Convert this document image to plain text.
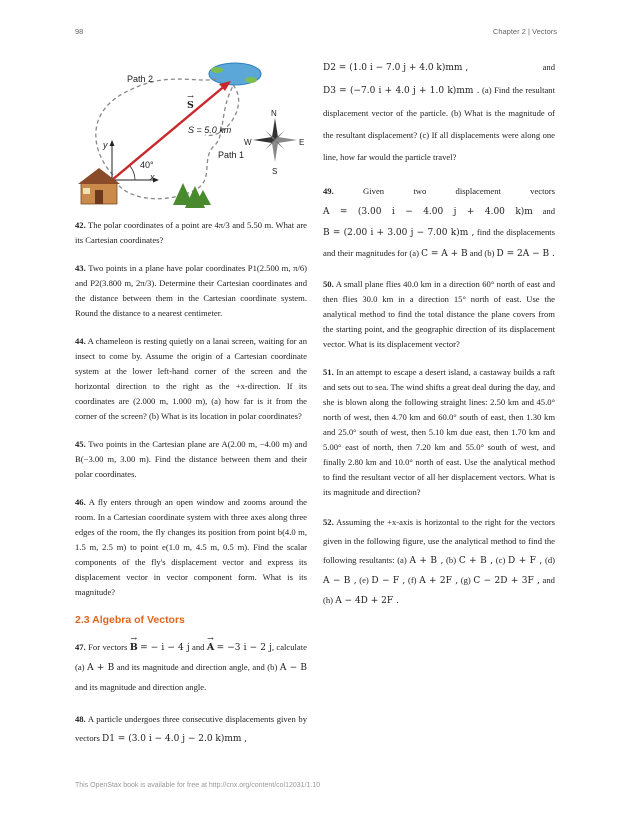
98	Chapter 2 | Vectors
Path 2
Path 1
→ S
S = 5.0 km
40°
x
y
N
S
E
W

42. The polar coordinates of a point are 4π/3 and 5.50 m. What are its Cartesian coordinates?

43. Two points in a plane have polar coordinates P1(2.500 m, π/6) and P2(3.800 m, 2π/3). Determine their Cartesian coordinates and the distance between them in the Cartesian coordinate system. Round the distance to a nearest centimeter.

44. A chameleon is resting quietly on a lanai screen, waiting for an insect to come by. Assume the origin of a Cartesian coordinate system at the lower left-hand corner of the screen and the horizontal direction to the right as the +x-direction. If its coordinates are (2.000 m, 1.000 m), (a) how far is it from the corner of the screen? (b) What is its location in polar coordinates?

45. Two points in the Cartesian plane are A(2.00 m, −4.00 m) and B(−3.00 m, 3.00 m). Find the distance between them and their polar coordinates.

46. A fly enters through an open window and zooms around the room. In a Cartesian coordinate system with three axes along three edges of the room, the fly changes its position from point b(4.0 m, 1.5 m, 2.5 m) to point e(1.0 m, 4.5 m, 0.5 m). Find the scalar components of the fly's displacement vector and express its displacement vector in vector component form. What is its magnitude?

2.3 Algebra of Vectors

47. For vectors → B = − i − 4 j and → A = −3 i − 2 j, calculate (a) A + B and its magnitude and direction angle, and (b) A − B and its magnitude and direction angle.

48. A particle undergoes three consecutive displacements given by vectors D1 = (3.0 i − 4.0 j − 2.0 k)mm ,

D2 = (1.0 i − 7.0 j + 4.0 k)mm ,	and

D3 = (−7.0 i + 4.0 j + 1.0 k)mm . (a) Find the resultant displacement vector of the particle. (b) What is the magnitude of the resultant displacement? (c) If all displacements were along one line, how far would the particle travel?

49.	Given two displacement vectors A = (3.00 i − 4.00 j + 4.00 k)m and B = (2.00 i + 3.00 j − 7.00 k)m , find the displacements and their magnitudes for (a) C = A + B and (b) D = 2A − B .

50. A small plane flies 40.0 km in a direction 60° north of east and then flies 30.0 km in a direction 15° north of east. Use the analytical method to find the total distance the plane covers from the starting point, and the geographic direction of its displacement vector. What is its displacement vector?

51. In an attempt to escape a desert island, a castaway builds a raft and sets out to sea. The wind shifts a great deal during the day, and she is blown along the following straight lines: 2.50 km and 45.0° north of west, then 4.70 km and 60.0° south of east, then 1.30 km and 25.0° south of west, then 5.10 km due east, then 1.70 km and 5.00° east of north, then 7.20 km and 55.0° south of west, and finally 2.80 km and 10.0° north of east. Use the analytical method to find the resultant vector of all her displacement vectors. What is its magnitude and direction?

52. Assuming the +x-axis is horizontal to the right for the vectors given in the following figure, use the analytical method to find the following resultants: (a) A + B , (b) C + B , (c) D + F , (d) A − B , (e) D − F , (f) A + 2F , (g) C − 2D + 3F , and (h) A − 4D + 2F .

This OpenStax book is available for free at http://cnx.org/content/col12031/1.10
